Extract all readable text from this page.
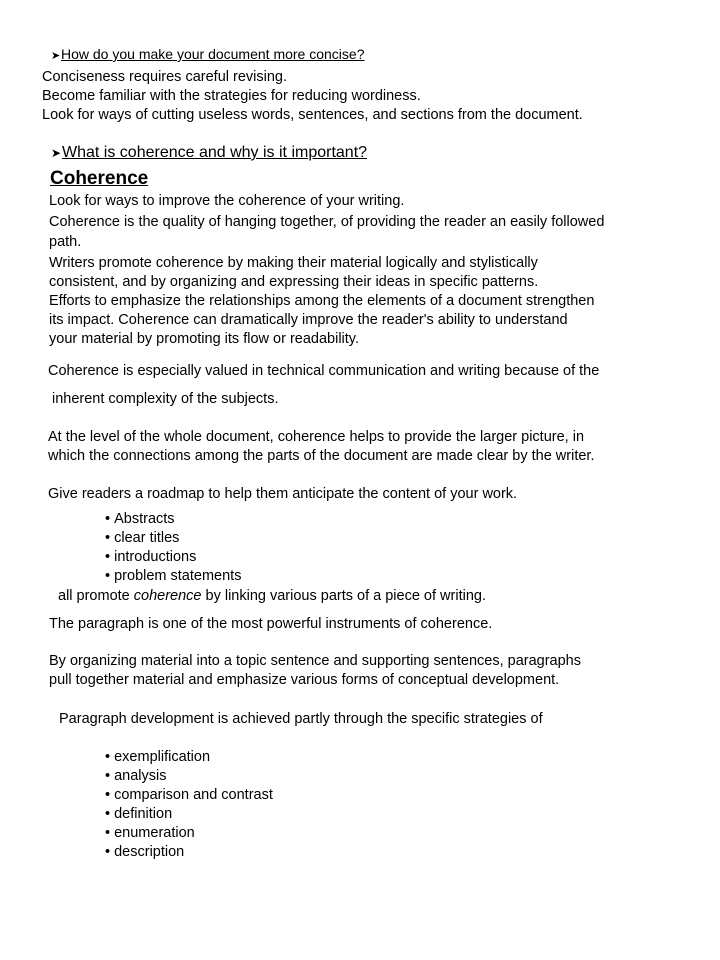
➤How do you make your document more concise?
Conciseness requires careful revising.
Become familiar with the strategies for reducing wordiness.
Look for ways of cutting useless words, sentences, and sections from the document.
➤What is coherence and why is it important?
Coherence
Look for ways to improve the coherence of your writing.
Coherence is the quality of hanging together, of providing the reader an easily followed
path.
Writers promote coherence by making their material logically and stylistically
consistent, and by organizing and expressing their ideas in specific patterns.
Efforts to emphasize the relationships among the elements of a document strengthen
its impact. Coherence can dramatically improve the reader's ability to understand
your material by promoting its flow or readability.
Coherence is especially valued in technical communication and writing because of the
inherent complexity of the subjects.
At the level of the whole document, coherence helps to provide the larger picture, in
which the connections among the parts of the document are made clear by the writer.
Give readers a roadmap to help them anticipate the content of your work.
• Abstracts
• clear titles
• introductions
• problem statements
all promote coherence by linking various parts of a piece of writing.
The paragraph is one of the most powerful instruments of coherence.
By organizing material into a topic sentence and supporting sentences, paragraphs
pull together material and emphasize various forms of conceptual development.
Paragraph development is achieved partly through the specific strategies of
• exemplification
• analysis
• comparison and contrast
• definition
• enumeration
• description
